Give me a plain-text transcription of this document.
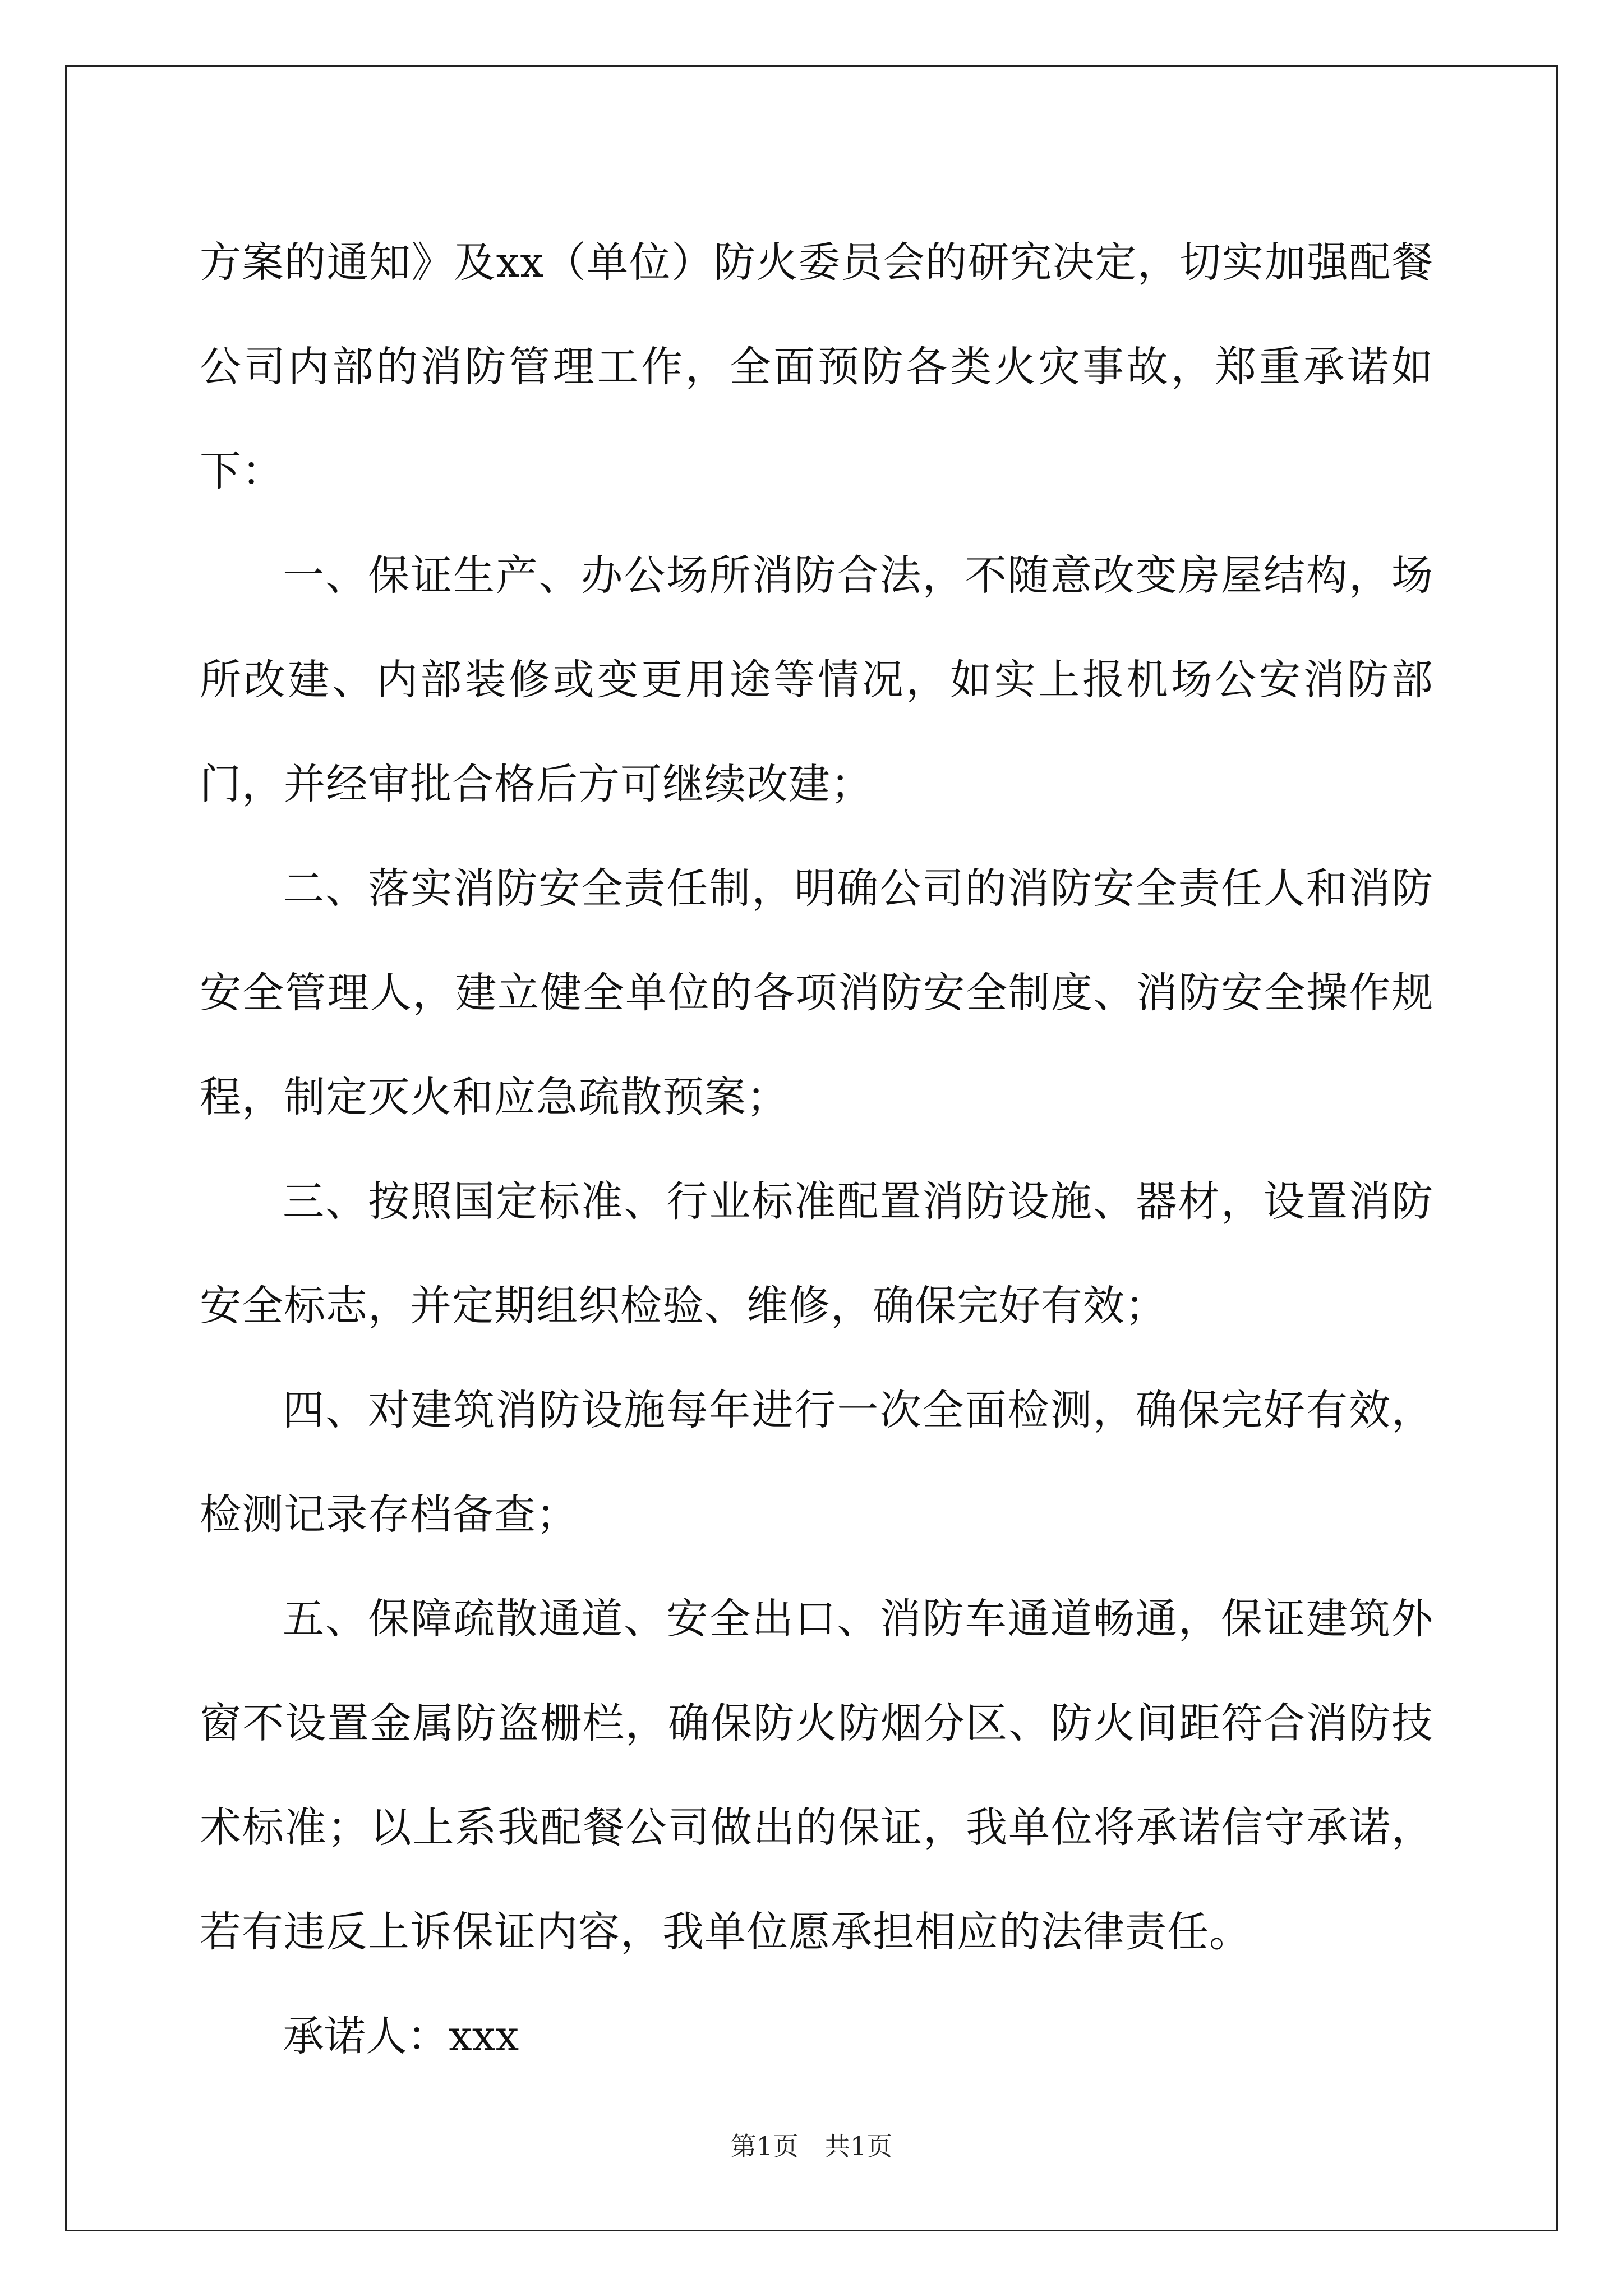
方案的通知》及xx（单位）防火委员会的研究决定，切实加强配餐公司内部的消防管理工作，全面预防各类火灾事故，郑重承诺如下：

一、保证生产、办公场所消防合法，不随意改变房屋结构，场所改建、内部装修或变更用途等情况，如实上报机场公安消防部门，并经审批合格后方可继续改建；

二、落实消防安全责任制，明确公司的消防安全责任人和消防安全管理人，建立健全单位的各项消防安全制度、消防安全操作规程，制定灭火和应急疏散预案；

三、按照国定标准、行业标准配置消防设施、器材，设置消防安全标志，并定期组织检验、维修，确保完好有效；

四、对建筑消防设施每年进行一次全面检测，确保完好有效，检测记录存档备查；

五、保障疏散通道、安全出口、消防车通道畅通，保证建筑外窗不设置金属防盗栅栏，确保防火防烟分区、防火间距符合消防技术标准；以上系我配餐公司做出的保证，我单位将承诺信守承诺，若有违反上诉保证内容，我单位愿承担相应的法律责任。

承诺人：xxx

第1页　共1页
